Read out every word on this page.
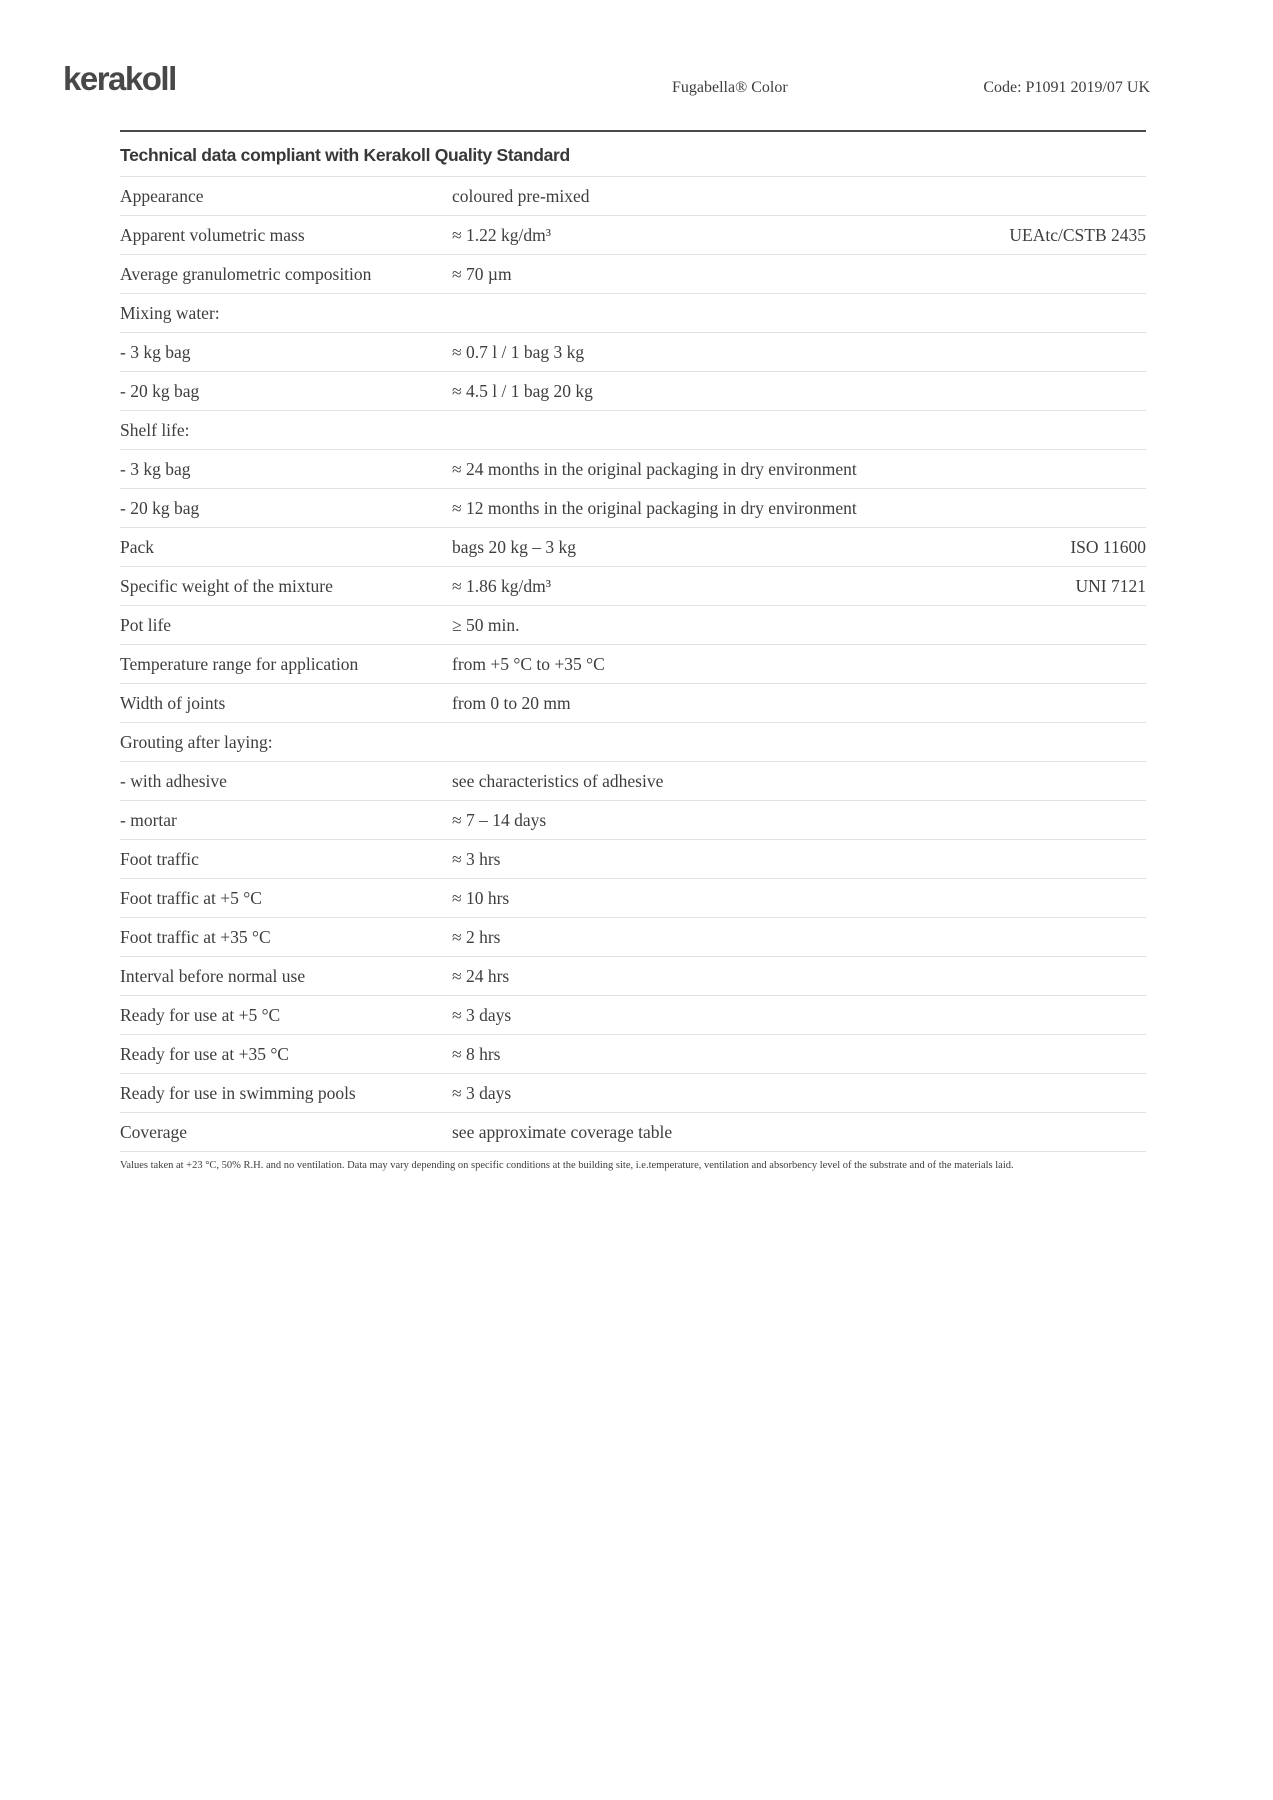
kerakoll	Fugabella® Color	Code: P1091 2019/07 UK
Technical data compliant with Kerakoll Quality Standard
Appearance	coloured pre-mixed
Apparent volumetric mass	≈ 1.22 kg/dm³	UEAtc/CSTB 2435
Average granulometric composition	≈ 70 µm
Mixing water:
- 3 kg bag	≈ 0.7 l / 1 bag 3 kg
- 20 kg bag	≈ 4.5 l / 1 bag 20 kg
Shelf life:
- 3 kg bag	≈ 24 months in the original packaging in dry environment
- 20 kg bag	≈ 12 months in the original packaging in dry environment
Pack	bags 20 kg – 3 kg	ISO 11600
Specific weight of the mixture	≈ 1.86 kg/dm³	UNI 7121
Pot life	≥ 50 min.
Temperature range for application	from +5 °C to +35 °C
Width of joints	from 0 to 20 mm
Grouting after laying:
- with adhesive	see characteristics of adhesive
- mortar	≈ 7 – 14 days
Foot traffic	≈ 3 hrs
Foot traffic at +5 °C	≈ 10 hrs
Foot traffic at +35 °C	≈ 2 hrs
Interval before normal use	≈ 24 hrs
Ready for use at +5 °C	≈ 3 days
Ready for use at +35 °C	≈ 8 hrs
Ready for use in swimming pools	≈ 3 days
Coverage	see approximate coverage table

Values taken at +23 °C, 50% R.H. and no ventilation. Data may vary depending on specific conditions at the building site, i.e.temperature, ventilation and absorbency level of the substrate and of the materials laid.
